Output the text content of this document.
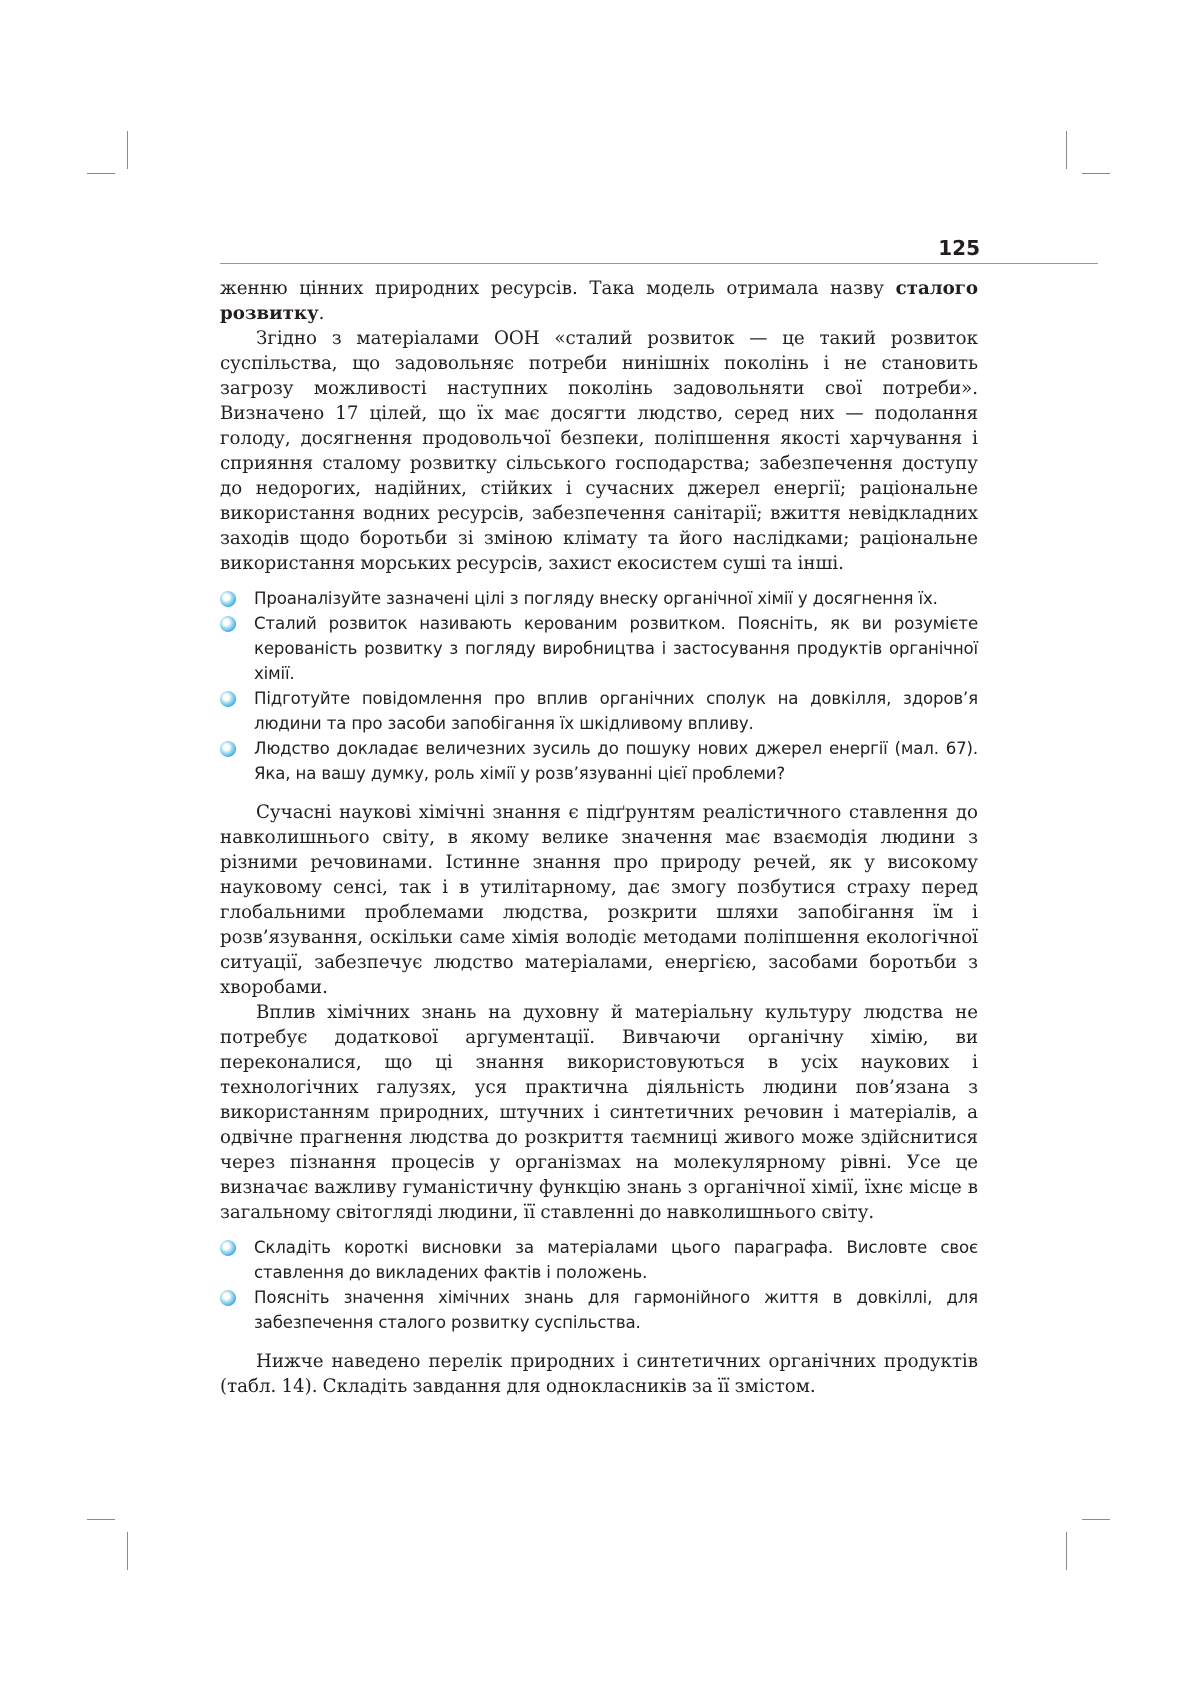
125

женню цінних природних ресурсів. Така модель отримала назву сталого розвитку.

Згідно з матеріалами ООН «сталий розвиток — це такий розвиток суспільства, що задовольняє потреби нинішніх поколінь і не становить загрозу можливості наступних поколінь задовольняти свої потреби». Визначено 17 цілей, що їх має досягти людство, серед них — подолання голоду, досягнення продовольчої безпеки, поліпшення якості харчування і сприяння сталому розвитку сільського господарства; забезпечення доступу до недорогих, надійних, стійких і сучасних джерел енергії; раціональне використання водних ресурсів, забезпечення санітарії; вжиття невідкладних заходів щодо боротьби зі зміною клімату та його наслідками; раціональне використання морських ресурсів, захист екосистем суші та інші.

Проаналізуйте зазначені цілі з погляду внеску органічної хімії у досягнення їх.
Сталий розвиток називають керованим розвитком. Поясніть, як ви розумієте керованість розвитку з погляду виробництва і застосування продуктів органічної хімії.
Підготуйте повідомлення про вплив органічних сполук на довкілля, здоров’я людини та про засоби запобігання їх шкідливому впливу.
Людство докладає величезних зусиль до пошуку нових джерел енергії (мал. 67). Яка, на вашу думку, роль хімії у розв’язуванні цієї проблеми?

Сучасні наукові хімічні знання є підґрунтям реалістичного ставлення до навколишнього світу, в якому велике значення має взаємодія людини з різними речовинами. Істинне знання про природу речей, як у високому науковому сенсі, так і в утилітарному, дає змогу позбутися страху перед глобальними проблемами людства, розкрити шляхи запобігання їм і розв’язування, оскільки саме хімія володіє методами поліпшення екологічної ситуації, забезпечує людство матеріалами, енергією, засобами боротьби з хворобами.

Вплив хімічних знань на духовну й матеріальну культуру людства не потребує додаткової аргументації. Вивчаючи органічну хімію, ви переконалися, що ці знання використовуються в усіх наукових і технологічних галузях, уся практична діяльність людини пов’язана з використанням природних, штучних і синтетичних речовин і матеріалів, а одвічне прагнення людства до розкриття таємниці живого може здійснитися через пізнання процесів у організмах на молекулярному рівні. Усе це визначає важливу гуманістичну функцію знань з органічної хімії, їхнє місце в загальному світогляді людини, її ставленні до навколишнього світу.

Складіть короткі висновки за матеріалами цього параграфа. Висловте своє ставлення до викладених фактів і положень.
Поясніть значення хімічних знань для гармонійного життя в довкіллі, для забезпечення сталого розвитку суспільства.

Нижче наведено перелік природних і синтетичних органічних продуктів (табл. 14). Складіть завдання для однокласників за її змістом.
